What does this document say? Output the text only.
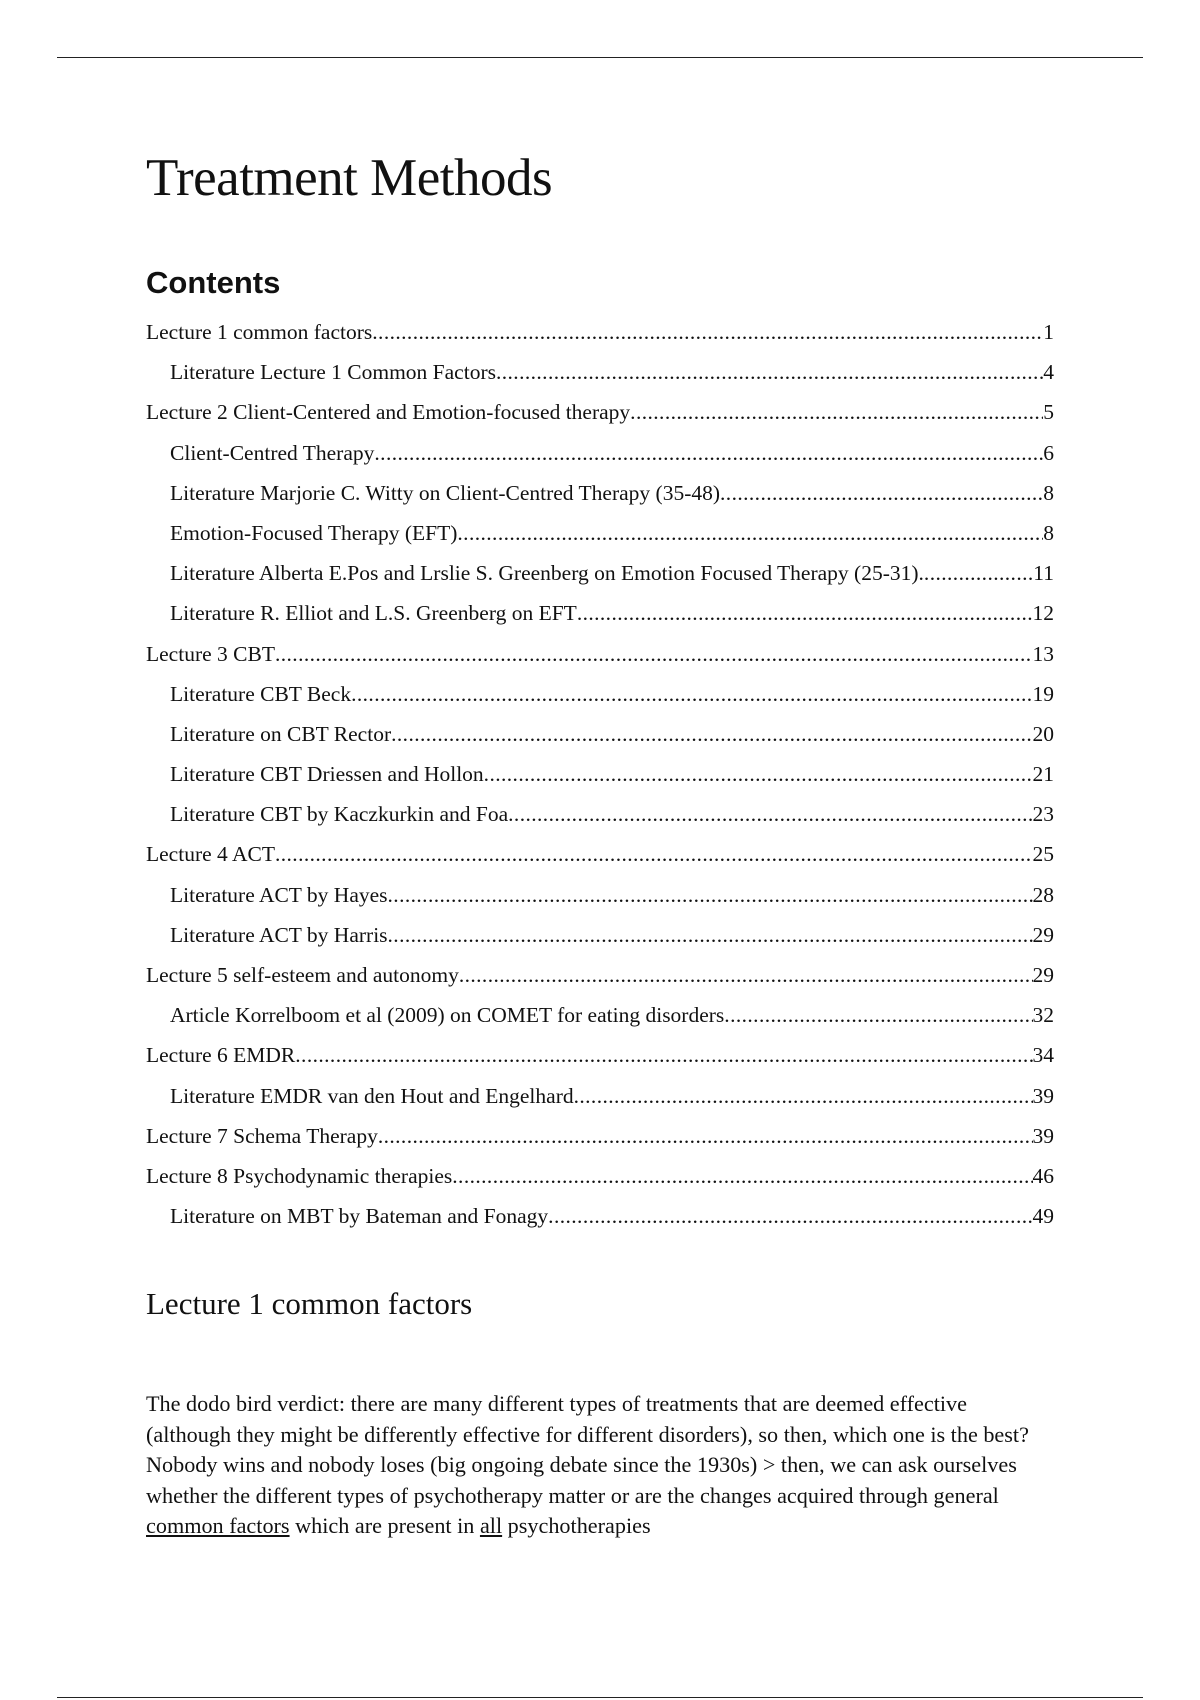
Treatment Methods
Contents
Lecture 1 common factors .....	1
Literature Lecture 1 Common Factors .....	4
Lecture 2 Client-Centered and Emotion-focused therapy .....	5
Client-Centred Therapy .....	6
Literature Marjorie C. Witty on Client-Centred Therapy (35-48) .....	8
Emotion-Focused Therapy (EFT) .....	8
Literature Alberta E.Pos and Lrslie S. Greenberg on Emotion Focused Therapy (25-31). .....	11
Literature R. Elliot and L.S. Greenberg on EFT .....	12
Lecture 3 CBT .....	13
Literature CBT Beck .....	19
Literature on CBT Rector .....	20
Literature CBT Driessen and Hollon .....	21
Literature CBT by Kaczkurkin and Foa .....	23
Lecture 4 ACT .....	25
Literature ACT by Hayes .....	28
Literature ACT by Harris .....	29
Lecture 5 self-esteem and autonomy .....	29
Article Korrelboom et al (2009) on COMET for eating disorders .....	32
Lecture 6 EMDR .....	34
Literature EMDR van den Hout and Engelhard .....	39
Lecture 7 Schema Therapy .....	39
Lecture 8 Psychodynamic therapies .....	46
Literature on MBT by Bateman and Fonagy .....	49
Lecture 1 common factors

The dodo bird verdict: there are many different types of treatments that are deemed effective (although they might be differently effective for different disorders), so then, which one is the best? Nobody wins and nobody loses (big ongoing debate since the 1930s) > then, we can ask ourselves whether the different types of psychotherapy matter or are the changes acquired through general common factors which are present in all psychotherapies
